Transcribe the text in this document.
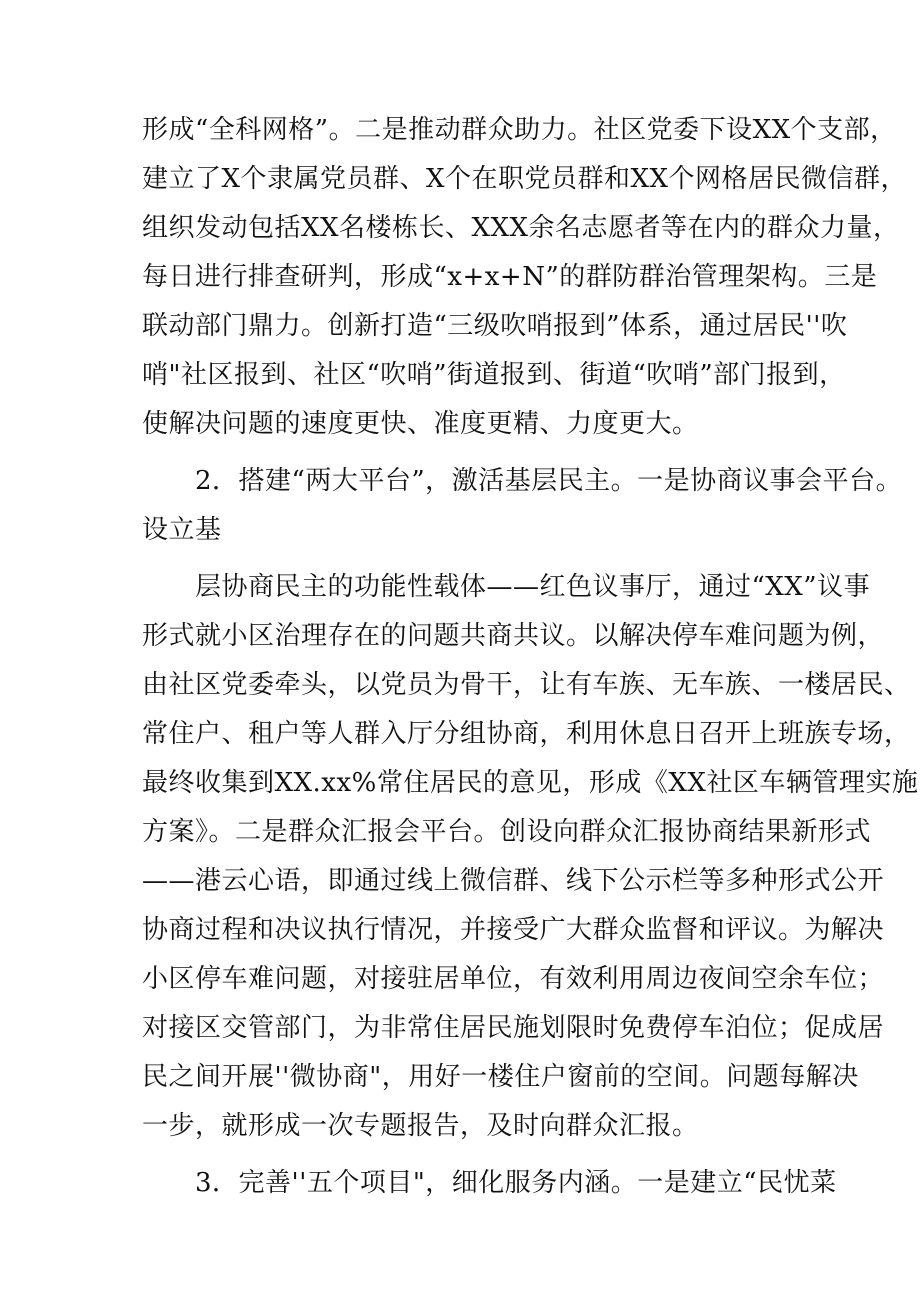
形成“全科网格”。二是推动群众助力。社区党委下设XX个支部，
建立了X个隶属党员群、X个在职党员群和XX个网格居民微信群，
组织发动包括XX名楼栋长、XXX余名志愿者等在内的群众力量，
每日进行排查研判，形成“x+x+N”的群防群治管理架构。三是
联动部门鼎力。创新打造“三级吹哨报到”体系，通过居民''吹
哨"社区报到、社区“吹哨”街道报到、街道“吹哨”部门报到，
使解决问题的速度更快、准度更精、力度更大。
　　2．搭建“两大平台”，激活基层民主。一是协商议事会平台。
设立基
　　层协商民主的功能性载体——红色议事厅，通过“XX”议事
形式就小区治理存在的问题共商共议。以解决停车难问题为例，
由社区党委牵头，以党员为骨干，让有车族、无车族、一楼居民、
常住户、租户等人群入厅分组协商，利用休息日召开上班族专场，
最终收集到XX.xx%常住居民的意见，形成《XX社区车辆管理实施
方案》。二是群众汇报会平台。创设向群众汇报协商结果新形式
——港云心语，即通过线上微信群、线下公示栏等多种形式公开
协商过程和决议执行情况，并接受广大群众监督和评议。为解决
小区停车难问题，对接驻居单位，有效利用周边夜间空余车位；
对接区交管部门，为非常住居民施划限时免费停车泊位；促成居
民之间开展''微协商"，用好一楼住户窗前的空间。问题每解决
一步，就形成一次专题报告，及时向群众汇报。
　　3．完善''五个项目"，细化服务内涵。一是建立“民忧菜
